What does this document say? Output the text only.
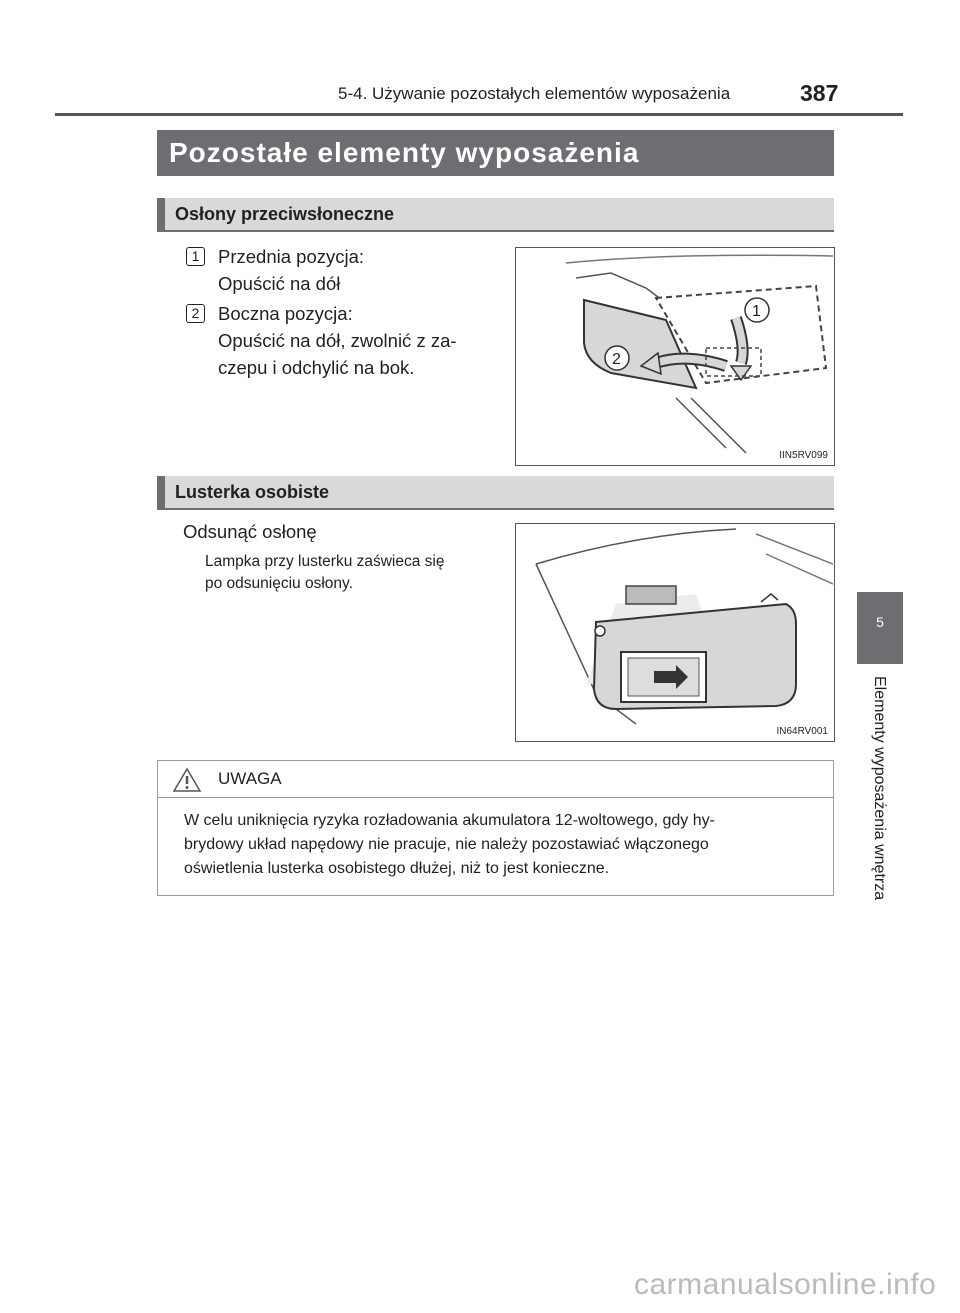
5-4. Używanie pozostałych elementów wyposażenia	387
Pozostałe elementy wyposażenia
Osłony przeciwsłoneczne
1	Przednia pozycja:
Opuścić na dół
2	Boczna pozycja:
Opuścić na dół, zwolnić z za-
czepu i odchylić na bok.
1
2
IIN5RV099
Lusterka osobiste
Odsunąć osłonę
Lampka przy lusterku zaświeca się
po odsunięciu osłony.
IN64RV001
UWAGA
W celu uniknięcia ryzyka rozładowania akumulatora 12-woltowego, gdy hy-
brydowy układ napędowy nie pracuje, nie należy pozostawiać włączonego
oświetlenia lusterka osobistego dłużej, niż to jest konieczne.
5
Elementy wyposażenia wnętrza
carmanualsonline.info
